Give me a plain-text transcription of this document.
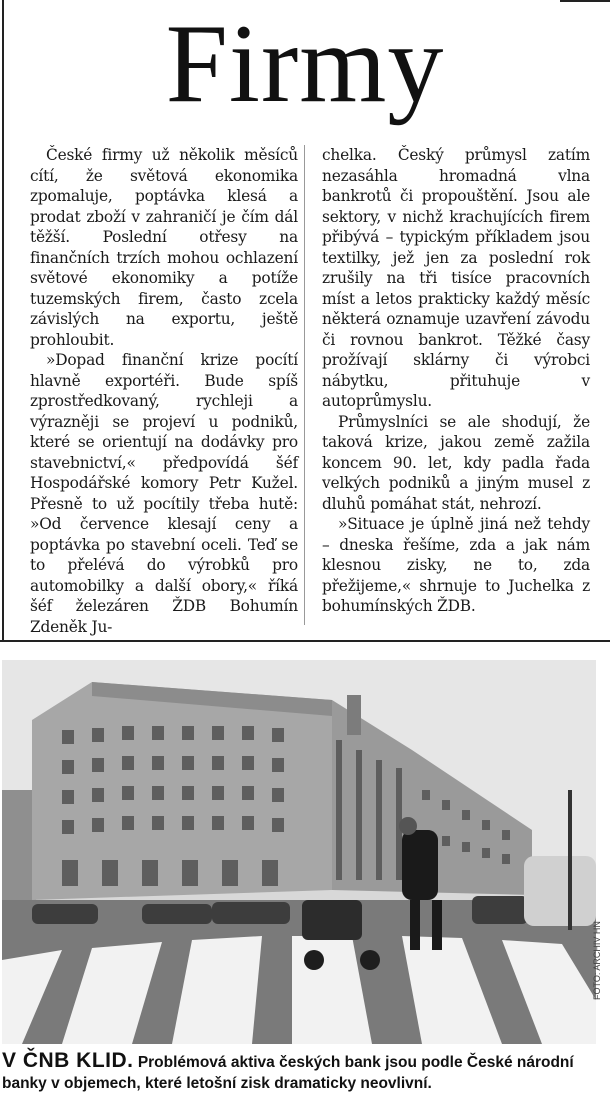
Firmy

České firmy už několik měsíců cítí, že světová ekonomika zpomaluje, poptávka klesá a prodat zboží v zahraničí je čím dál těžší. Poslední otřesy na finančních trzích mohou ochlazení světové ekonomiky a potíže tuzemských firem, často zcela závislých na exportu, ještě prohloubit.

»Dopad finanční krize pocítí hlavně exportéři. Bude spíš zprostředkovaný, rychleji a výrazněji se projeví u podniků, které se orientují na dodávky pro stavebnictví,« předpovídá šéf Hospodářské komory Petr Kužel. Přesně to už pocítily třeba hutě: »Od července klesají ceny a poptávka po stavební oceli. Teď se to přelévá do výrobků pro automobilky a další obory,« říká šéf železáren ŽDB Bohumín Zdeněk Ju-

chelka. Český průmysl zatím nezasáhla hromadná vlna bankrotů či propouštění. Jsou ale sektory, v nichž krachujících firem přibývá – typickým příkladem jsou textilky, jež jen za poslední rok zrušily na tři tisíce pracovních míst a letos prakticky každý měsíc některá oznamuje uzavření závodu či rovnou bankrot. Těžké časy prožívají sklárny či výrobci nábytku, přituhuje v autoprůmyslu.

Průmyslníci se ale shodují, že taková krize, jakou země zažila koncem 90. let, kdy padla řada velkých podniků a jiným musel z dluhů pomáhat stát, nehrozí.

»Situace je úplně jiná než tehdy – dneska řešíme, zda a jak nám klesnou zisky, ne to, zda přežijeme,« shrnuje to Juchelka z bohumínských ŽDB.

FOTO: ARCHIV HN
V ČNB KLID. Problémová aktiva českých bank jsou podle České národní banky v objemech, které letošní zisk dramaticky neovlivní.
